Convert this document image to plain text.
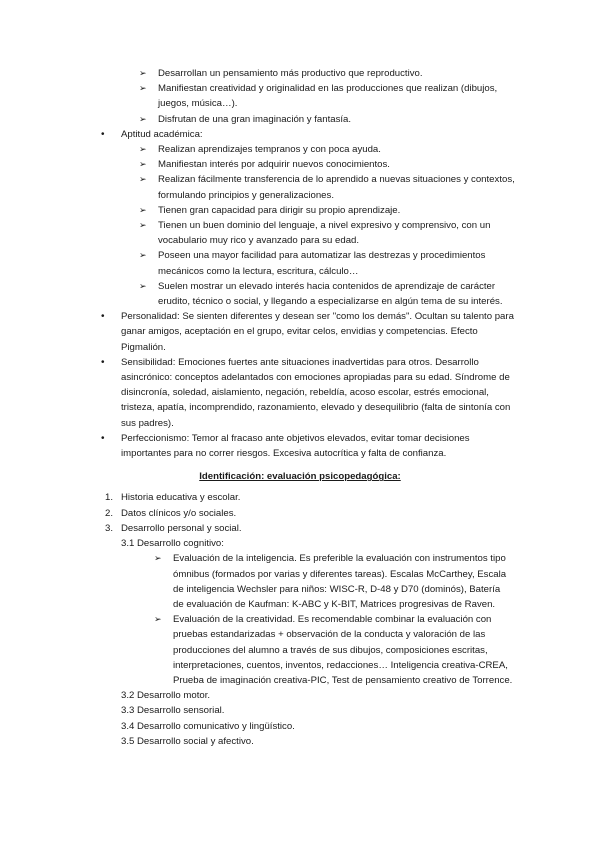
➢ Desarrollan un pensamiento más productivo que reproductivo.
➢ Manifiestan creatividad y originalidad en las producciones que realizan (dibujos, juegos, música…).
➢ Disfrutan de una gran imaginación y fantasía.
• Aptitud académica:
➢ Realizan aprendizajes tempranos y con poca ayuda.
➢ Manifiestan interés por adquirir nuevos conocimientos.
➢ Realizan fácilmente transferencia de lo aprendido a nuevas situaciones y contextos, formulando principios y generalizaciones.
➢ Tienen gran capacidad para dirigir su propio aprendizaje.
➢ Tienen un buen dominio del lenguaje, a nivel expresivo y comprensivo, con un vocabulario muy rico y avanzado para su edad.
➢ Poseen una mayor facilidad para automatizar las destrezas y procedimientos mecánicos como la lectura, escritura, cálculo…
➢ Suelen mostrar un elevado interés hacia contenidos de aprendizaje de carácter erudito, técnico o social, y llegando a especializarse en algún tema de su interés.
• Personalidad: Se sienten diferentes y desean ser "como los demás". Ocultan su talento para ganar amigos, aceptación en el grupo, evitar celos, envidias y competencias. Efecto Pigmalión.
• Sensibilidad: Emociones fuertes ante situaciones inadvertidas para otros. Desarrollo asincrónico: conceptos adelantados con emociones apropiadas para su edad. Síndrome de disincronía, soledad, aislamiento, negación, rebeldía, acoso escolar, estrés emocional, tristeza, apatía, incomprendido, razonamiento, elevado y desequilibrio (falta de sintonía con sus padres).
• Perfeccionismo: Temor al fracaso ante objetivos elevados, evitar tomar decisiones importantes para no correr riesgos. Excesiva autocrítica y falta de confianza.
Identificación: evaluación psicopedagógica:
1. Historia educativa y escolar.
2. Datos clínicos y/o sociales.
3. Desarrollo personal y social.
3.1 Desarrollo cognitivo:
➢ Evaluación de la inteligencia. Es preferible la evaluación con instrumentos tipo ómnibus (formados por varias y diferentes tareas). Escalas McCarthey, Escala de inteligencia Wechsler para niños: WISC-R, D-48 y D70 (dominós), Batería de evaluación de Kaufman: K-ABC y K-BIT, Matrices progresivas de Raven.
➢ Evaluación de la creatividad. Es recomendable combinar la evaluación con pruebas estandarizadas + observación de la conducta y valoración de las producciones del alumno a través de sus dibujos, composiciones escritas, interpretaciones, cuentos, inventos, redacciones… Inteligencia creativa-CREA, Prueba de imaginación creativa-PIC, Test de pensamiento creativo de Torrence.
3.2 Desarrollo motor.
3.3 Desarrollo sensorial.
3.4 Desarrollo comunicativo y lingüístico.
3.5 Desarrollo social y afectivo.
